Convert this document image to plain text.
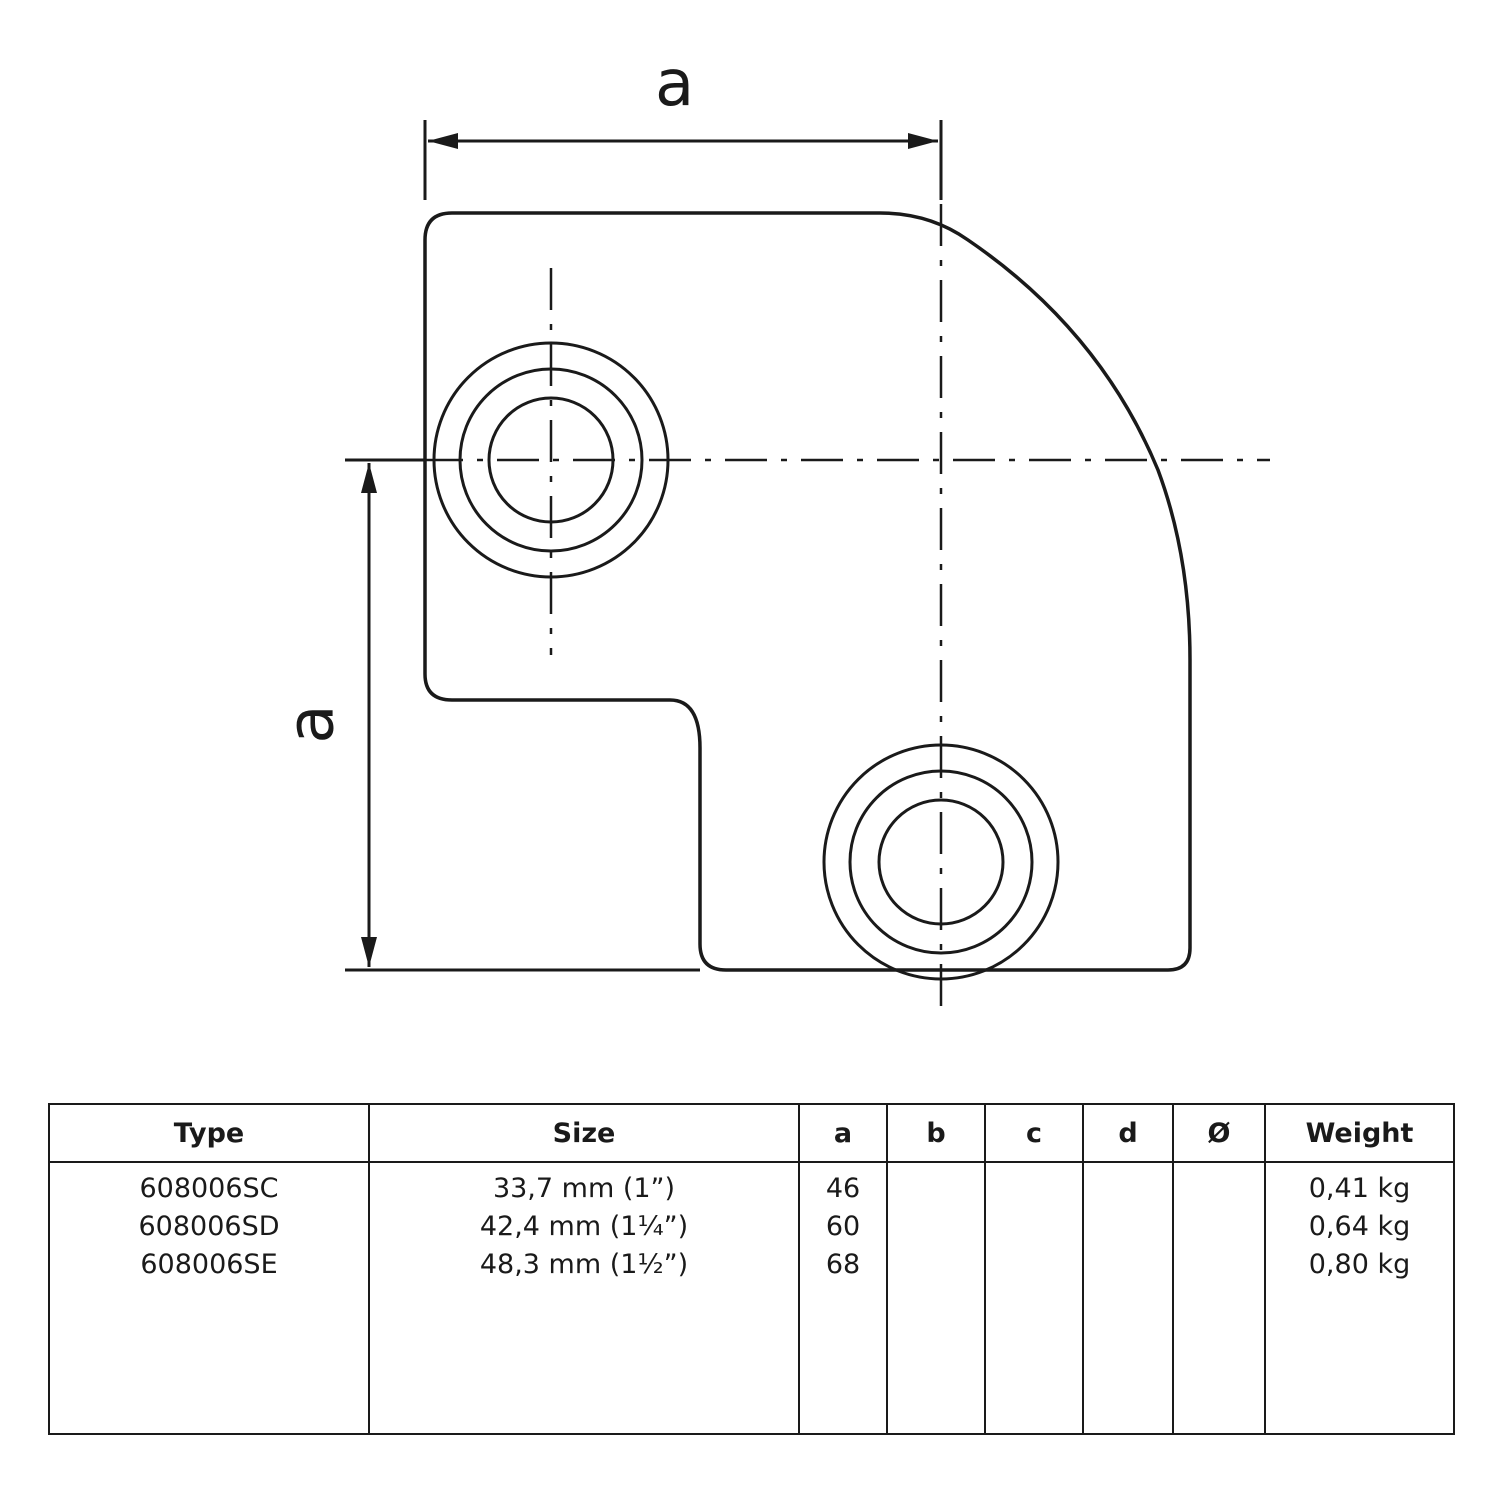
a
a
Type	Size	a	b	c	d	Ø	Weight
608006SC	33,7 mm (1”)	46					0,41 kg
608006SD	42,4 mm (1¼”)	60					0,64 kg
608006SE	48,3 mm (1½”)	68					0,80 kg
